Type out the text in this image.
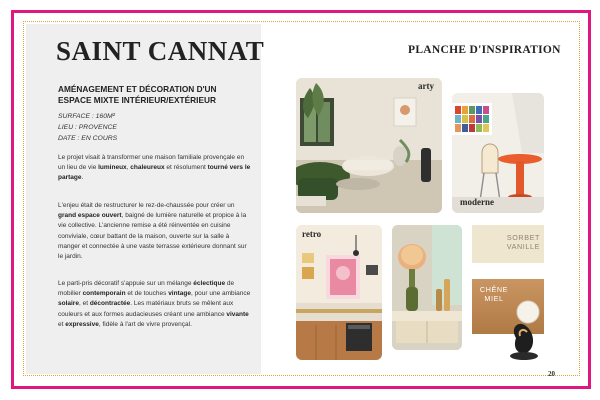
SAINT CANNAT
AMÉNAGEMENT ET DÉCORATION D'UN ESPACE MIXTE INTÉRIEUR/EXTÉRIEUR
SURFACE : 160M²
LIEU : PROVENCE
DATE : EN COURS

Le projet visait à transformer une maison familiale provençale en un lieu de vie lumineux, chaleureux et résolument tourné vers le partage.

L'enjeu était de restructurer le rez-de-chaussée pour créer un grand espace ouvert, baigné de lumière naturelle et propice à la vie collective. L'ancienne remise a été réinventée en cuisine conviviale, cœur battant de la maison, ouverte sur la salle à manger et connectée à une vaste terrasse extérieure donnant sur le jardin.

Le parti-pris décoratif s'appuie sur un mélange éclectique de mobilier contemporain et de touches vintage, pour une ambiance solaire, et décontractée. Les matériaux bruts se mêlent aux couleurs et aux formes audacieuses créant une ambiance vivante et expressive, fidèle à l'art de vivre provençal.

PLANCHE D'INSPIRATION
arty
moderne
retro	SORBET
VANILLE
CHÊNE
MIEL
20
